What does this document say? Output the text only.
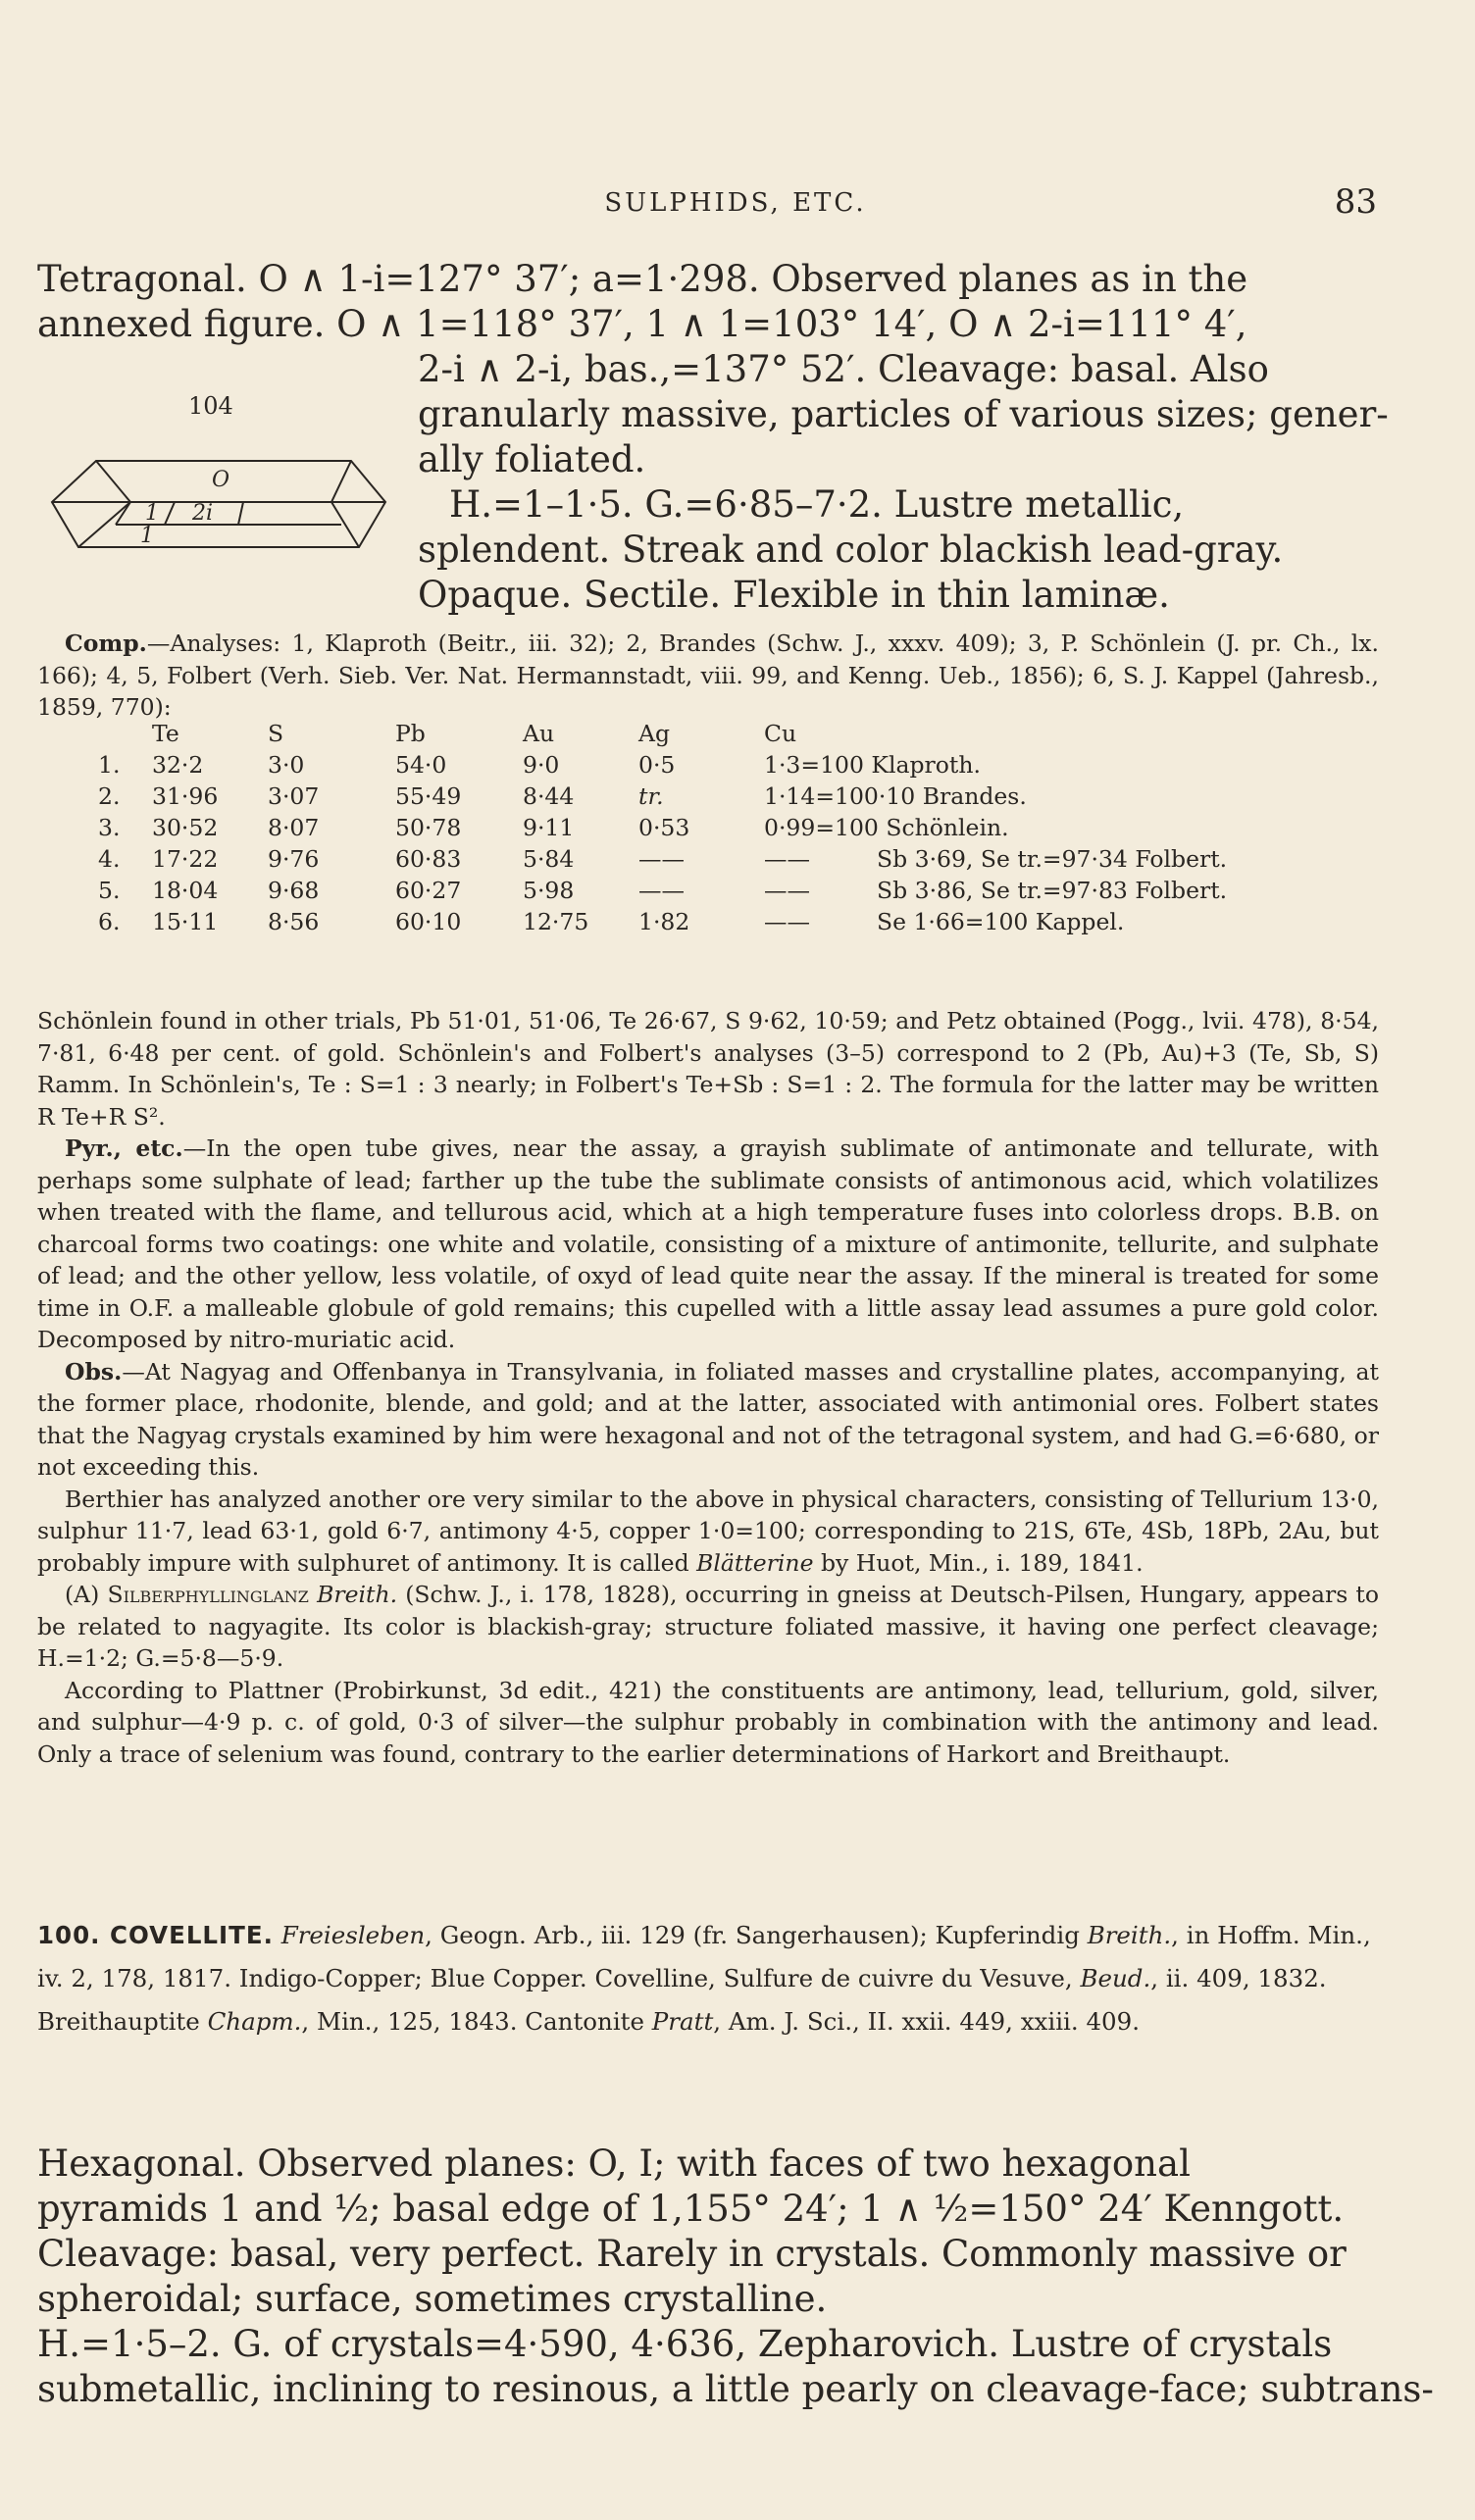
SULPHIDS, ETC.	83
Tetragonal. O ∧ 1-i=127° 37′; a=1·298. Observed planes as in the
annexed figure. O ∧ 1=118° 37′, 1 ∧ 1=103° 14′, O ∧ 2-i=111° 4′,
2-i ∧ 2-i, bas.,=137° 52′. Cleavage: basal. Also
granularly massive, particles of various sizes; gener-
ally foliated.
H.=1–1·5. G.=6·85–7·2. Lustre metallic,
splendent. Streak and color blackish lead-gray.
Opaque. Sectile. Flexible in thin laminæ.
104
O
1 2i
1

Comp.—Analyses: 1, Klaproth (Beitr., iii. 32); 2, Brandes (Schw. J., xxxv. 409); 3, P. Schönlein (J. pr. Ch., lx. 166); 4, 5, Folbert (Verh. Sieb. Ver. Nat. Hermannstadt, viii. 99, and Kenng. Ueb., 1856); 6, S. J. Kappel (Jahresb., 1859, 770):

	Te	S	Pb	Au	Ag		Cu
1.	32·2	3·0	54·0	9·0	0·5		1·3=100 Klaproth.
2.	31·96	3·07	55·49	8·44	tr.		1·14=100·10 Brandes.
3.	30·52	8·07	50·78	9·11	0·53		0·99=100 Schönlein.
4.	17·22	9·76	60·83	5·84	——	——	Sb 3·69, Se tr.=97·34 Folbert.
5.	18·04	9·68	60·27	5·98	——	——	Sb 3·86, Se tr.=97·83 Folbert.
6.	15·11	8·56	60·10	12·75	1·82	——	Se 1·66=100 Kappel.

Schönlein found in other trials, Pb 51·01, 51·06, Te 26·67, S 9·62, 10·59; and Petz obtained (Pogg., lvii. 478), 8·54, 7·81, 6·48 per cent. of gold. Schönlein's and Folbert's analyses (3–5) correspond to 2 (Pb, Au)+3 (Te, Sb, S) Ramm. In Schönlein's, Te : S=1 : 3 nearly; in Folbert's Te+Sb : S=1 : 2. The formula for the latter may be written R Te+R S².

Pyr., etc.—In the open tube gives, near the assay, a grayish sublimate of antimonate and tellurate, with perhaps some sulphate of lead; farther up the tube the sublimate consists of antimonous acid, which volatilizes when treated with the flame, and tellurous acid, which at a high temperature fuses into colorless drops. B.B. on charcoal forms two coatings: one white and volatile, consisting of a mixture of antimonite, tellurite, and sulphate of lead; and the other yellow, less volatile, of oxyd of lead quite near the assay. If the mineral is treated for some time in O.F. a malleable globule of gold remains; this cupelled with a little assay lead assumes a pure gold color. Decomposed by nitro-muriatic acid.

Obs.—At Nagyag and Offenbanya in Transylvania, in foliated masses and crystalline plates, accompanying, at the former place, rhodonite, blende, and gold; and at the latter, associated with antimonial ores. Folbert states that the Nagyag crystals examined by him were hexagonal and not of the tetragonal system, and had G.=6·680, or not exceeding this.

Berthier has analyzed another ore very similar to the above in physical characters, consisting of Tellurium 13·0, sulphur 11·7, lead 63·1, gold 6·7, antimony 4·5, copper 1·0=100; corresponding to 21S, 6Te, 4Sb, 18Pb, 2Au, but probably impure with sulphuret of antimony. It is called Blätterine by Huot, Min., i. 189, 1841.

(A) Silberphyllinglanz Breith. (Schw. J., i. 178, 1828), occurring in gneiss at Deutsch-Pilsen, Hungary, appears to be related to nagyagite. Its color is blackish-gray; structure foliated massive, it having one perfect cleavage; H.=1·2; G.=5·8—5·9.

According to Plattner (Probirkunst, 3d edit., 421) the constituents are antimony, lead, tellurium, gold, silver, and sulphur—4·9 p. c. of gold, 0·3 of silver—the sulphur probably in combination with the antimony and lead. Only a trace of selenium was found, contrary to the earlier determinations of Harkort and Breithaupt.

100. COVELLITE. Freiesleben, Geogn. Arb., iii. 129 (fr. Sangerhausen); Kupferindig Breith., in Hoffm. Min., iv. 2, 178, 1817. Indigo-Copper; Blue Copper. Covelline, Sulfure de cuivre du Vesuve, Beud., ii. 409, 1832. Breithauptite Chapm., Min., 125, 1843. Cantonite Pratt, Am. J. Sci., II. xxii. 449, xxiii. 409.

Hexagonal. Observed planes: O, I; with faces of two hexagonal

pyramids 1 and ½; basal edge of 1,155° 24′; 1 ∧ ½=150° 24′ Kenngott.

Cleavage: basal, very perfect. Rarely in crystals. Commonly massive or

spheroidal; surface, sometimes crystalline.

H.=1·5–2. G. of crystals=4·590, 4·636, Zepharovich. Lustre of crystals

submetallic, inclining to resinous, a little pearly on cleavage-face; subtrans-
